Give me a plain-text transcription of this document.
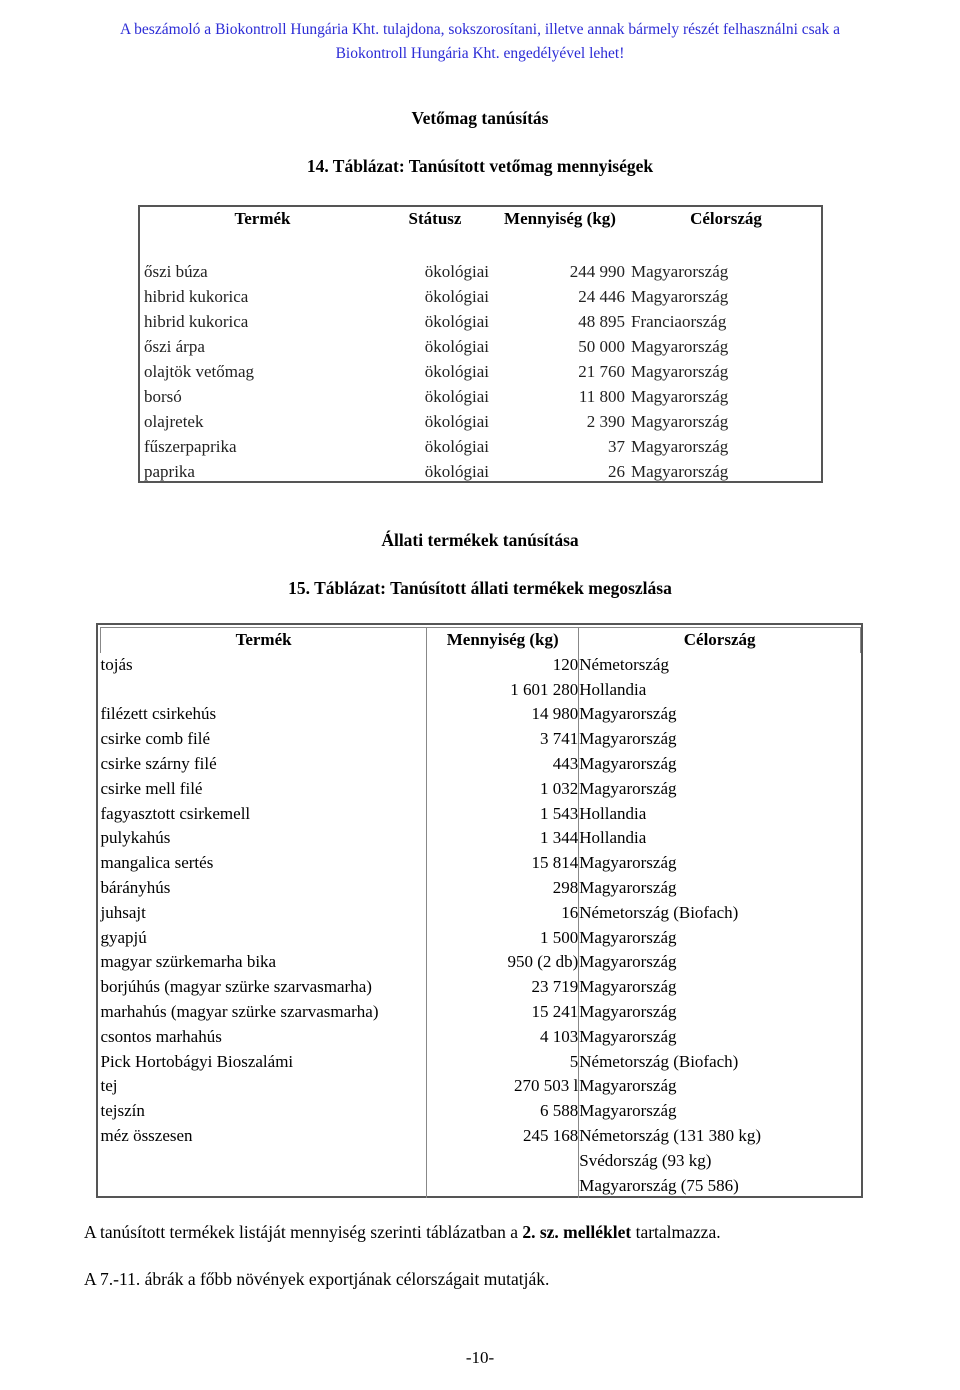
A beszámoló a Biokontroll Hungária Kht. tulajdona, sokszorosítani, illetve annak bármely részét felhasználni csak a
Biokontroll Hungária Kht. engedélyével lehet!
Vetőmag tanúsítás
14. Táblázat: Tanúsított vetőmag mennyiségek
Termék	Státusz	Mennyiség (kg)	Célország
őszi búza	ökológiai	244 990	Magyarország
hibrid kukorica	ökológiai	24 446	Magyarország
hibrid kukorica	ökológiai	48 895	Franciaország
őszi árpa	ökológiai	50 000	Magyarország
olajtök vetőmag	ökológiai	21 760	Magyarország
borsó	ökológiai	11 800	Magyarország
olajretek	ökológiai	2 390	Magyarország
fűszerpaprika	ökológiai	37	Magyarország
paprika	ökológiai	26	Magyarország
Állati termékek tanúsítása
15. Táblázat: Tanúsított állati termékek megoszlása
Termék	Mennyiség (kg)	Célország
tojás	120	Németország
	1 601 280	Hollandia
filézett csirkehús	14 980	Magyarország
csirke comb filé	3 741	Magyarország
csirke szárny filé	443	Magyarország
csirke mell filé	1 032	Magyarország
fagyasztott csirkemell	1 543	Hollandia
pulykahús	1 344	Hollandia
mangalica sertés	15 814	Magyarország
bárányhús	298	Magyarország
juhsajt	16	Németország (Biofach)
gyapjú	1 500	Magyarország
magyar szürkemarha bika	950 (2 db)	Magyarország
borjúhús (magyar szürke szarvasmarha)	23 719	Magyarország
marhahús (magyar szürke szarvasmarha)	15 241	Magyarország
csontos marhahús	4 103	Magyarország
Pick Hortobágyi Bioszalámi	5	Németország (Biofach)
tej	270 503 l	Magyarország
tejszín	6 588	Magyarország
méz összesen	245 168	Németország (131 380 kg)
		Svédország (93 kg)
		Magyarország (75 586)
A tanúsított termékek listáját mennyiség szerinti táblázatban a 2. sz. melléklet tartalmazza.
A 7.-11. ábrák a főbb növények exportjának célországait mutatják.
-10-
